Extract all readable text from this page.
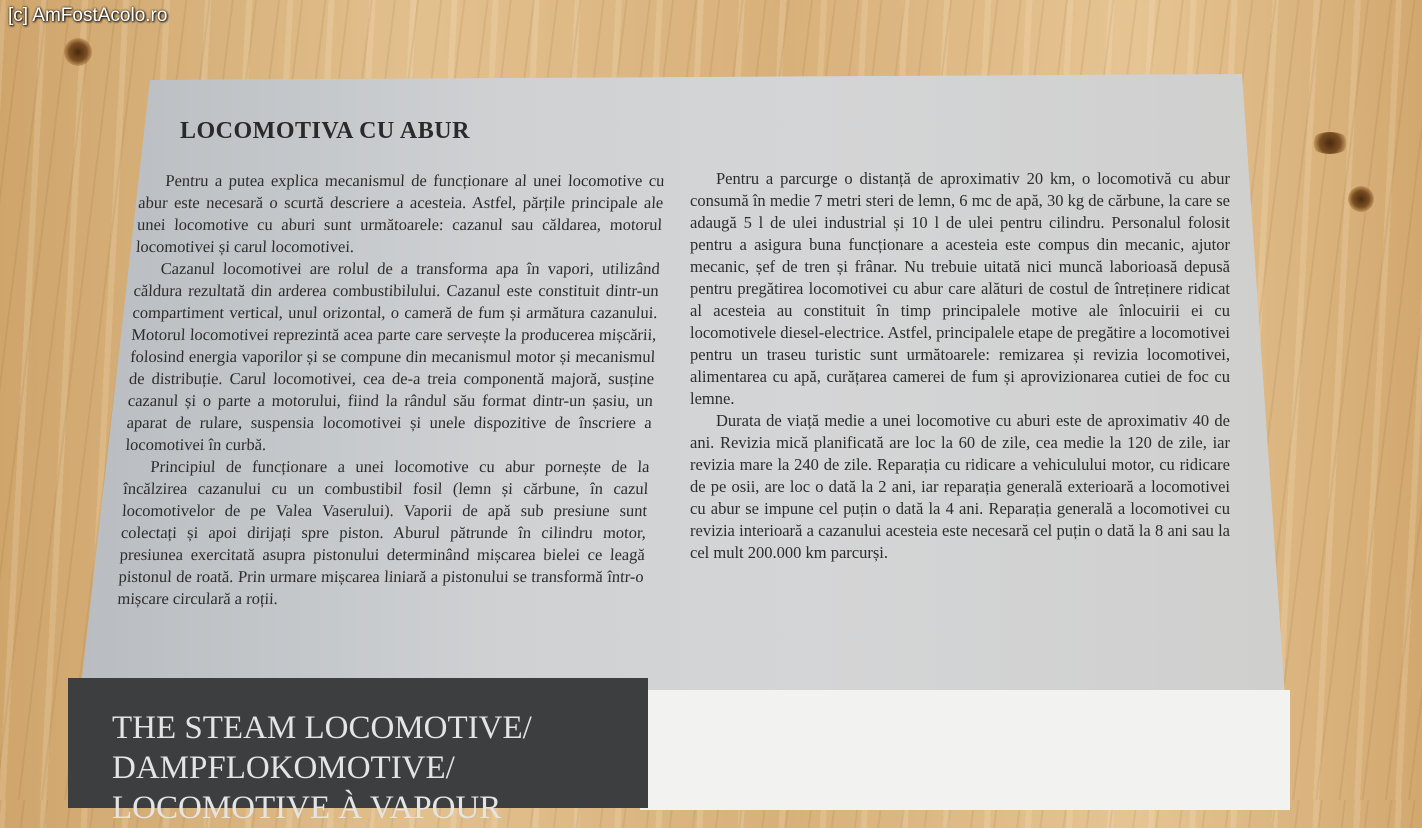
[c] AmFostAcolo.ro
LOCOMOTIVA CU ABUR

Pentru a putea explica mecanismul de funcționare al unei locomotive cu abur este necesară o scurtă descriere a acesteia. Astfel, părțile principale ale unei locomotive cu aburi sunt următoarele: cazanul sau căldarea, motorul locomotivei și carul locomotivei.

Cazanul locomotivei are rolul de a transforma apa în vapori, utilizând căldura rezultată din arderea combustibilului. Cazanul este constituit dintr-un compartiment vertical, unul orizontal, o cameră de fum și armătura cazanului. Motorul locomotivei reprezintă acea parte care servește la producerea mișcării, folosind energia vaporilor și se compune din mecanismul motor și mecanismul de distribuție. Carul locomotivei, cea de-a treia componentă majoră, susține cazanul și o parte a motorului, fiind la rândul său format dintr-un șasiu, un aparat de rulare, suspensia locomotivei și unele dispozitive de înscriere a locomotivei în curbă.

Principiul de funcționare a unei locomotive cu abur pornește de la încălzirea cazanului cu un combustibil fosil (lemn și cărbune, în cazul locomotivelor de pe Valea Vaserului). Vaporii de apă sub presiune sunt colectați și apoi dirijați spre piston. Aburul pătrunde în cilindru motor, presiunea exercitată asupra pistonului determinând mișcarea bielei ce leagă pistonul de roată. Prin urmare mișcarea liniară a pistonului se transformă într-o mișcare circulară a roții.

Pentru a parcurge o distanță de aproximativ 20 km, o locomotivă cu abur consumă în medie 7 metri steri de lemn, 6 mc de apă, 30 kg de cărbune, la care se adaugă 5 l de ulei industrial și 10 l de ulei pentru cilindru. Personalul folosit pentru a asigura buna funcționare a acesteia este compus din mecanic, ajutor mecanic, șef de tren și frânar. Nu trebuie uitată nici muncă laborioasă depusă pentru pregătirea locomotivei cu abur care alături de costul de întreținere ridicat al acesteia au constituit în timp principalele motive ale înlocuirii ei cu locomotivele diesel-electrice. Astfel, principalele etape de pregătire a locomotivei pentru un traseu turistic sunt următoarele: remizarea și revizia locomotivei, alimentarea cu apă, curățarea camerei de fum și aprovizionarea cutiei de foc cu lemne.

Durata de viață medie a unei locomotive cu aburi este de aproximativ 40 de ani. Revizia mică planificată are loc la 60 de zile, cea medie la 120 de zile, iar revizia mare la 240 de zile. Reparația cu ridicare a vehiculului motor, cu ridicare de pe osii, are loc o dată la 2 ani, iar reparația generală exterioară a locomotivei cu abur se impune cel puțin o dată la 4 ani. Reparația generală a locomotivei cu revizia interioară a cazanului acesteia este necesară cel puțin o dată la 8 ani sau la cel mult 200.000 km parcurși.

THE STEAM LOCOMOTIVE/
DAMPFLOKOMOTIVE/
LOCOMOTIVE À VAPOUR
